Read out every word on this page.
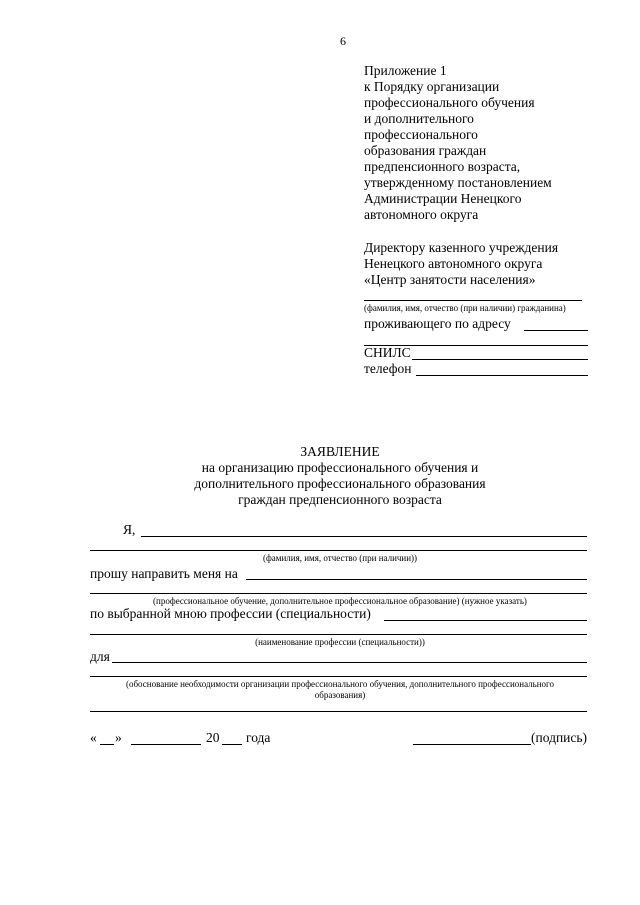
6

Приложение 1

к Порядку организации

профессионального обучения

и дополнительного

профессионального

образования граждан

предпенсионного возраста,

утвержденному постановлением

Администрации Ненецкого

автономного округа

Директору казенного учреждения

Ненецкого автономного округа

«Центр занятости населения»

(фамилия, имя, отчество (при наличии) гражданина)
проживающего по адресу
СНИЛС
телефон
ЗАЯВЛЕНИЕ
на организацию профессионального обучения и
дополнительного профессионального образования
граждан предпенсионного возраста
Я,
(фамилия, имя, отчество (при наличии))
прошу направить меня на
(профессиональное обучение, дополнительное профессиональное образование) (нужное указать)
по выбранной мною профессии (специальности)
(наименование профессии (специальности))
для
(обоснование необходимости организации профессионального обучения, дополнительного профессионального
образования)
« »	20 года	(подпись)
